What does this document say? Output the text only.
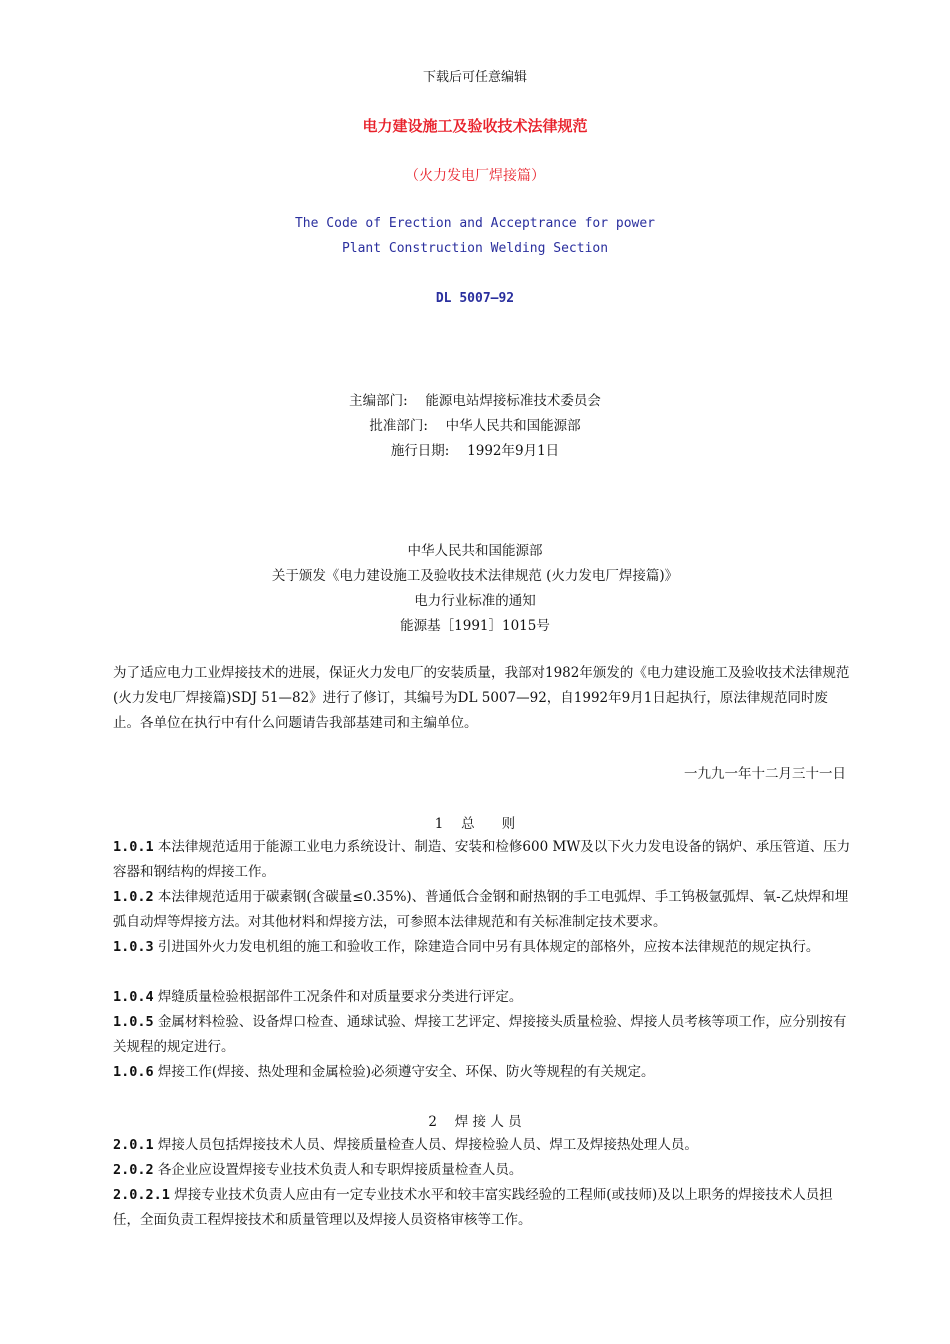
下载后可任意编辑
电力建设施工及验收技术法律规范
（火力发电厂焊接篇）
The Code of Erection and Acceptrance for power
Plant Construction Welding Section
DL 5007—92

主编部门:　 能源电站焊接标准技术委员会

批准部门:　 中华人民共和国能源部

施行日期:　 1992年9月1日

中华人民共和国能源部

关于颁发《电力建设施工及验收技术法律规范 (火力发电厂焊接篇)》

电力行业标准的通知

能源基［1991］1015号

为了适应电力工业焊接技术的进展，保证火力发电厂的安装质量，我部对1982年颁发的《电力建设施工及验收技术法律规范(火力发电厂焊接篇)SDJ 51—82》进行了修订，其编号为DL 5007—92，自1992年9月1日起执行，原法律规范同时废止。各单位在执行中有什么问题请告我部基建司和主编单位。
一九九一年十二月三十一日
1　 总　　则

1.0.1 本法律规范适用于能源工业电力系统设计、制造、安装和检修600 MW及以下火力发电设备的锅炉、承压管道、压力容器和钢结构的焊接工作。

1.0.2 本法律规范适用于碳素钢(含碳量≤0.35%)、普通低合金钢和耐热钢的手工电弧焊、手工钨极氩弧焊、氧-乙炔焊和埋弧自动焊等焊接方法。对其他材料和焊接方法，可参照本法律规范和有关标准制定技术要求。

1.0.3 引进国外火力发电机组的施工和验收工作，除建造合同中另有具体规定的部格外，应按本法律规范的规定执行。

1.0.4 焊缝质量检验根据部件工况条件和对质量要求分类进行评定。

1.0.5 金属材料检验、设备焊口检查、通球试验、焊接工艺评定、焊接接头质量检验、焊接人员考核等项工作，应分别按有关规程的规定进行。

1.0.6 焊接工作(焊接、热处理和金属检验)必须遵守安全、环保、防火等规程的有关规定。

2　 焊 接 人 员

2.0.1 焊接人员包括焊接技术人员、焊接质量检查人员、焊接检验人员、焊工及焊接热处理人员。

2.0.2 各企业应设置焊接专业技术负责人和专职焊接质量检查人员。

2.0.2.1 焊接专业技术负责人应由有一定专业技术水平和较丰富实践经验的工程师(或技师)及以上职务的焊接技术人员担任，全面负责工程焊接技术和质量管理以及焊接人员资格审核等工作。
